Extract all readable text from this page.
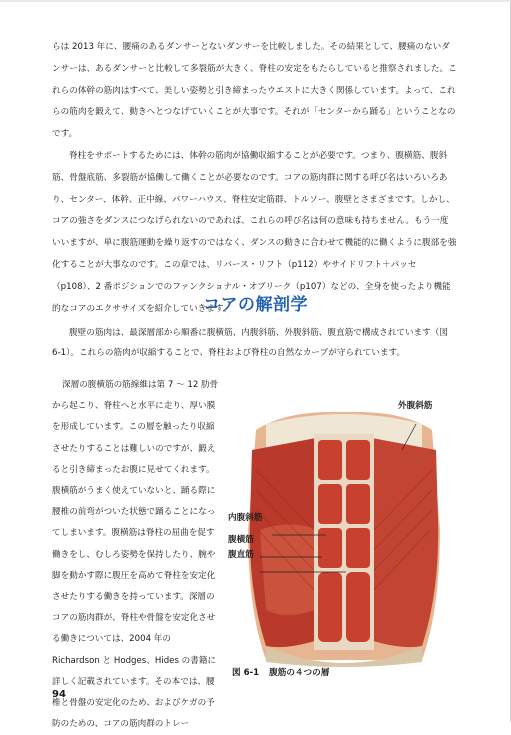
らは 2013 年に、腰痛のあるダンサーとないダンサーを比較しました。その結果として、腰痛のないダンサーは、あるダンサーと比較して多裂筋が大きく、脊柱の安定をもたらしていると推察されました。これらの体幹の筋肉はすべて、美しい姿勢と引き締まったウエストに大きく関係しています。よって、これらの筋肉を鍛えて、動きへとつなげていくことが大事です。それが「センターから踊る」ということなのです。

脊柱をサポートするためには、体幹の筋肉が協働収縮することが必要です。つまり、腹横筋、腹斜筋、骨盤底筋、多裂筋が協働して働くことが必要なのです。コアの筋肉群に関する呼び名はいろいろあり、センター、体幹、正中線、パワーハウス、脊柱安定筋群、トルソー、腹壁とさまざまです。しかし、コアの強さをダンスにつなげられないのであれば、これらの呼び名は何の意味も持ちません。もう一度いいますが、単に腹筋運動を繰り返すのではなく、ダンスの動きに合わせて機能的に働くように腹部を強化することが大事なのです。この章では、リバース・リフト（p112）やサイドリフト＋パッセ（p108）、2 番ポジションでのファンクショナル・オブリーク（p107）などの、全身を使ったより機能的なコアのエクササイズを紹介していきます。

コアの解剖学

腹壁の筋肉は、最深層部から順番に腹横筋、内腹斜筋、外腹斜筋、腹直筋で構成されています（図 6-1）。これらの筋肉が収縮することで、脊柱および脊柱の自然なカーブが守られています。

深層の腹横筋の筋線維は第 7 〜 12 肋骨から起こり、脊柱へと水平に走り、厚い膜を形成しています。この層を触ったり収縮させたりすることは難しいのですが、鍛えると引き締まったお腹に見せてくれます。腹横筋がうまく使えていないと、踊る際に腰椎の前弯がついた状態で踊ることになってしまいます。腹横筋は脊柱の屈曲を促す働きをし、むしろ姿勢を保持したり、腕や脚を動かす際に腹圧を高めて脊柱を安定化させたりする働きを持っています。深層のコアの筋肉群が、脊柱や骨盤を安定化させる働きについては、2004 年の Richardson と Hodges、Hides の書籍に詳しく記載されています。その本では、腰椎と骨盤の安定化のため、およびケガの予防のための、コアの筋肉群のトレー

外腹斜筋
内腹斜筋
腹横筋
腹直筋
図 6-1 腹筋の４つの層
94
